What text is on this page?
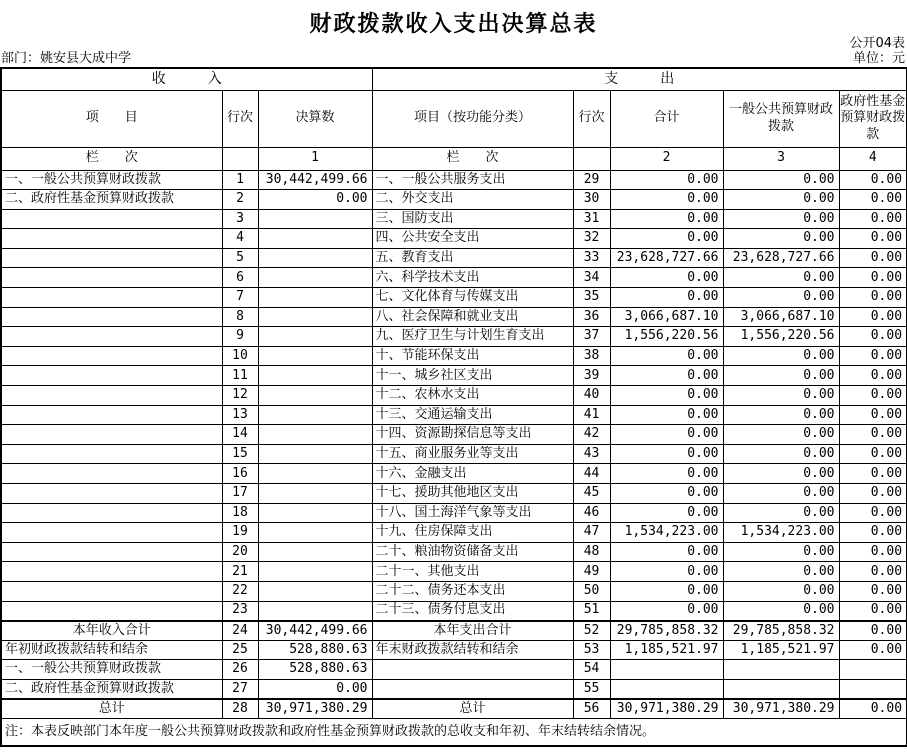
财政拨款收入支出决算总表
公开04表
部门：姚安县大成中学	单位：元
收　　　入			支　　　出				
项　　目	行次	决算数	项目（按功能分类）	行次	合计	一般公共预算财政拨款	政府性基金预算财政拨款
栏　　次		1	栏　　次		2	3	4
一、一般公共预算财政拨款	1	30,442,499.66	一、一般公共服务支出	29	0.00	0.00	0.00
二、政府性基金预算财政拨款	2	0.00	二、外交支出	30	0.00	0.00	0.00
	3		三、国防支出	31	0.00	0.00	0.00
	4		四、公共安全支出	32	0.00	0.00	0.00
	5		五、教育支出	33	23,628,727.66	23,628,727.66	0.00
	6		六、科学技术支出	34	0.00	0.00	0.00
	7		七、文化体育与传媒支出	35	0.00	0.00	0.00
	8		八、社会保障和就业支出	36	3,066,687.10	3,066,687.10	0.00
	9		九、医疗卫生与计划生育支出	37	1,556,220.56	1,556,220.56	0.00
	10		十、节能环保支出	38	0.00	0.00	0.00
	11		十一、城乡社区支出	39	0.00	0.00	0.00
	12		十二、农林水支出	40	0.00	0.00	0.00
	13		十三、交通运输支出	41	0.00	0.00	0.00
	14		十四、资源勘探信息等支出	42	0.00	0.00	0.00
	15		十五、商业服务业等支出	43	0.00	0.00	0.00
	16		十六、金融支出	44	0.00	0.00	0.00
	17		十七、援助其他地区支出	45	0.00	0.00	0.00
	18		十八、国土海洋气象等支出	46	0.00	0.00	0.00
	19		十九、住房保障支出	47	1,534,223.00	1,534,223.00	0.00
	20		二十、粮油物资储备支出	48	0.00	0.00	0.00
	21		二十一、其他支出	49	0.00	0.00	0.00
	22		二十二、债务还本支出	50	0.00	0.00	0.00
	23		二十三、债务付息支出	51	0.00	0.00	0.00
本年收入合计	24	30,442,499.66	本年支出合计	52	29,785,858.32	29,785,858.32	0.00
年初财政拨款结转和结余	25	528,880.63	年末财政拨款结转和结余	53	1,185,521.97	1,185,521.97	0.00
一、一般公共预算财政拨款	26	528,880.63		54			
二、政府性基金预算财政拨款	27	0.00		55			
总计	28	30,971,380.29	总计	56	30,971,380.29	30,971,380.29	0.00
注：本表反映部门本年度一般公共预算财政拨款和政府性基金预算财政拨款的总收支和年初、年末结转结余情况。							
